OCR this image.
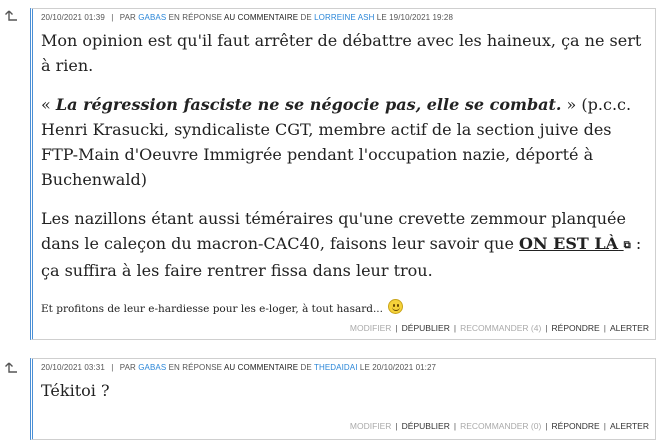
20/10/2021 01:39 | PAR GABAS EN RÉPONSE AU COMMENTAIRE DE LORREINE ASH LE 19/10/2021 19:28

Mon opinion est qu'il faut arrêter de débattre avec les haineux, ça ne sert à rien.

« La régression fasciste ne se négocie pas, elle se combat. » (p.c.c. Henri Krasucki, syndicaliste CGT, membre actif de la section juive des FTP-Main d'Oeuvre Immigrée pendant l'occupation nazie, déporté à Buchenwald)

Les nazillons étant aussi téméraires qu'une crevette zemmour planquée dans le caleçon du macron-CAC40, faisons leur savoir que ON EST LÀ ⧉ : ça suffira à les faire rentrer fissa dans leur trou.

Et profitons de leur e-hardiesse pour les e-loger, à tout hasard...

MODIFIER | DÉPUBLIER | RECOMMANDER (4) | RÉPONDRE | ALERTER
20/10/2021 03:31 | PAR GABAS EN RÉPONSE AU COMMENTAIRE DE THEDAIDAI LE 20/10/2021 01:27

Tékitoi ?

MODIFIER | DÉPUBLIER | RECOMMANDER (0) | RÉPONDRE | ALERTER
